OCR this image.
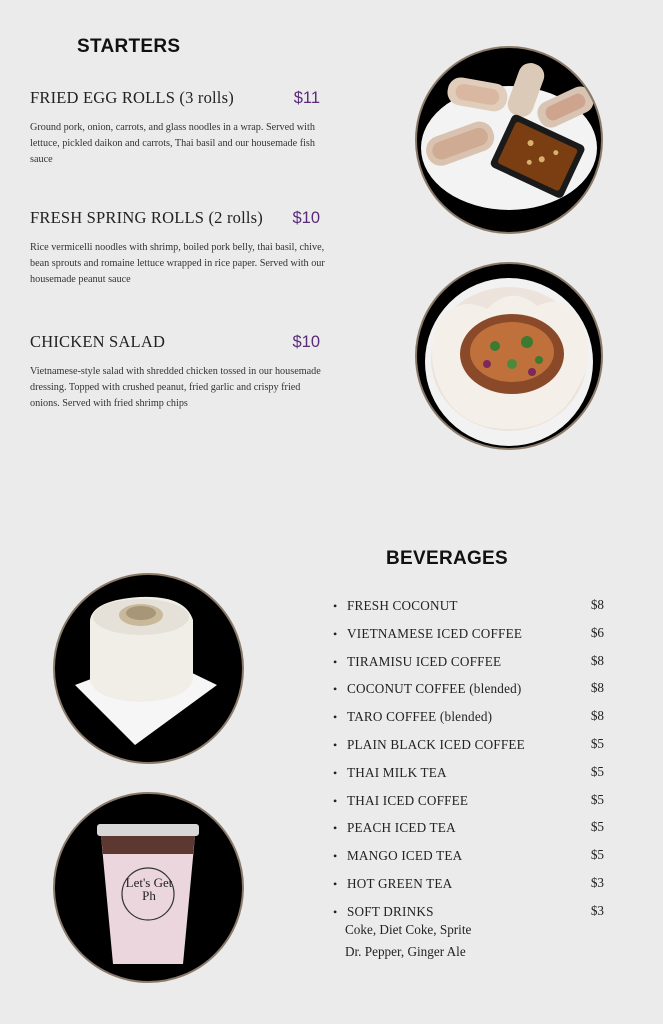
STARTERS
FRIED EGG ROLLS (3 rolls)	$11
Ground pork, onion, carrots, and glass noodles in a wrap. Served with lettuce, pickled daikon and carrots, Thai basil and our housemade fish sauce
FRESH SPRING ROLLS (2 rolls) $10
Rice vermicelli noodles with shrimp, boiled pork belly, thai basil, chive, bean sprouts and romaine lettuce wrapped in rice paper. Served with our housemade peanut sauce
CHICKEN SALAD	$10
Vietnamese-style salad with shredded chicken tossed in our housemade dressing. Topped with crushed peanut, fried garlic and crispy fried onions. Served with fried shrimp chips
BEVERAGES
Let's Get Ph
• FRESH COCONUT	$8
• VIETNAMESE ICED COFFEE	$6
• TIRAMISU ICED COFFEE	$8
• COCONUT COFFEE (blended)	$8
• TARO COFFEE (blended)	$8
• PLAIN BLACK ICED COFFEE	$5
• THAI MILK TEA	$5
• THAI ICED COFFEE	$5
• PEACH ICED TEA	$5
• MANGO ICED TEA	$5
• HOT GREEN TEA	$3
• SOFT DRINKS	$3
Coke, Diet Coke, Sprite
Dr. Pepper, Ginger Ale
